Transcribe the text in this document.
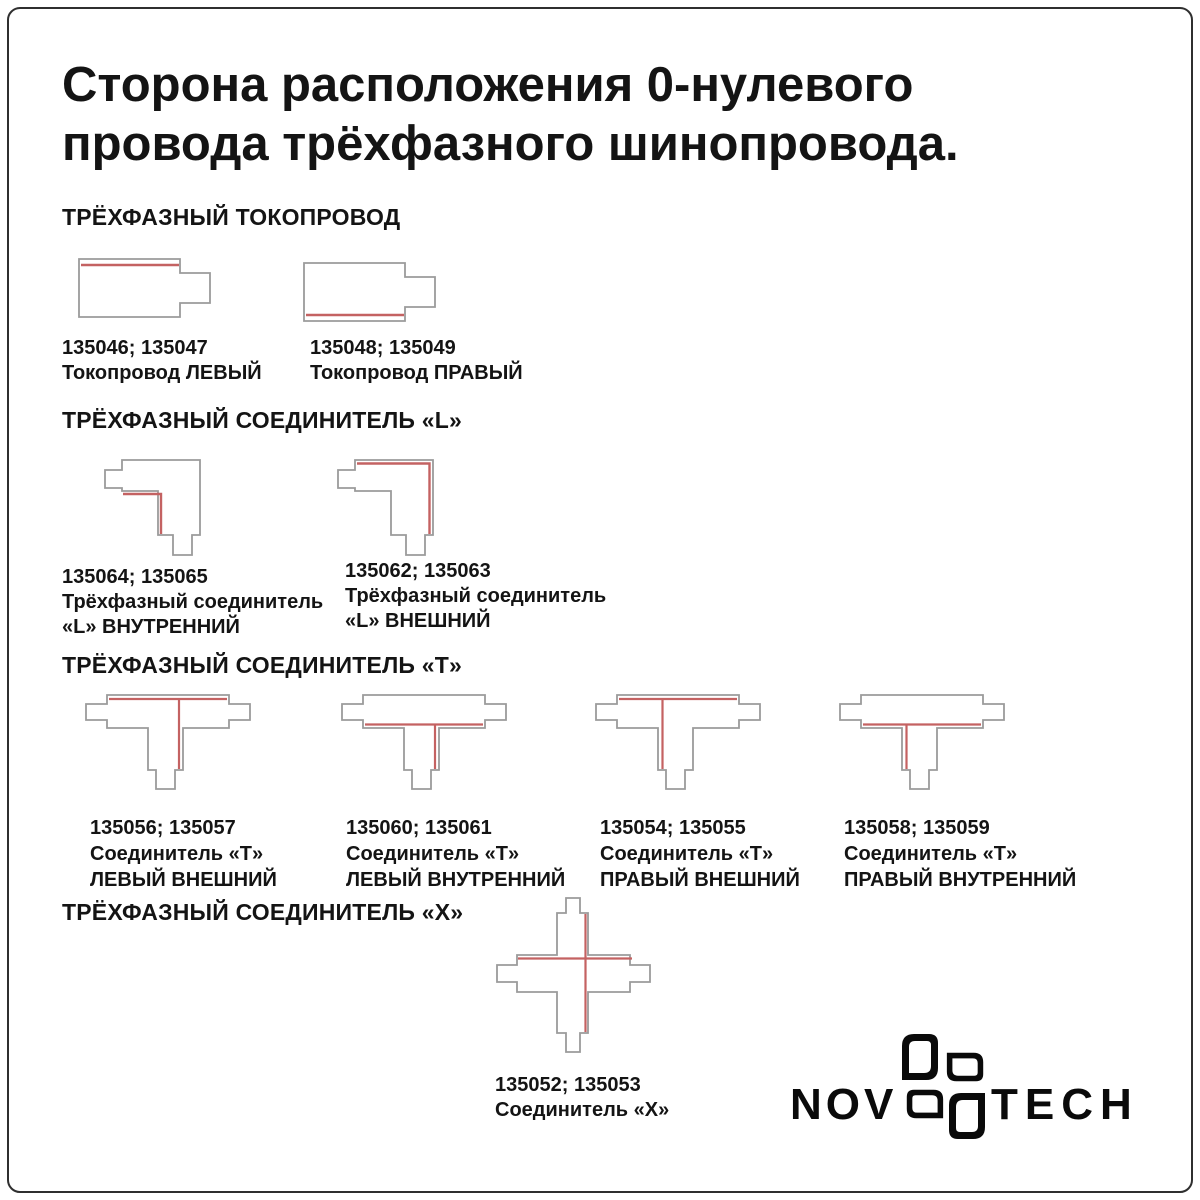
Сторона расположения 0-нулевого
провода трёхфазного шинопровода.
ТРЁХФАЗНЫЙ ТОКОПРОВОД
135046; 135047
Токопровод ЛЕВЫЙ
135048; 135049
Токопровод ПРАВЫЙ
ТРЁХФАЗНЫЙ СОЕДИНИТЕЛЬ «L»
135064; 135065
Трёхфазный соединитель
«L» ВНУТРЕННИЙ
135062; 135063
Трёхфазный соединитель
«L» ВНЕШНИЙ
ТРЁХФАЗНЫЙ СОЕДИНИТЕЛЬ «Т»
135056; 135057
Соединитель «Т»
ЛЕВЫЙ ВНЕШНИЙ
135060; 135061
Соединитель «Т»
ЛЕВЫЙ ВНУТРЕННИЙ
135054; 135055
Соединитель «Т»
ПРАВЫЙ ВНЕШНИЙ
135058; 135059
Соединитель «Т»
ПРАВЫЙ ВНУТРЕННИЙ
ТРЁХФАЗНЫЙ СОЕДИНИТЕЛЬ «Х»
135052; 135053
Соединитель «Х»	NOV TECH
